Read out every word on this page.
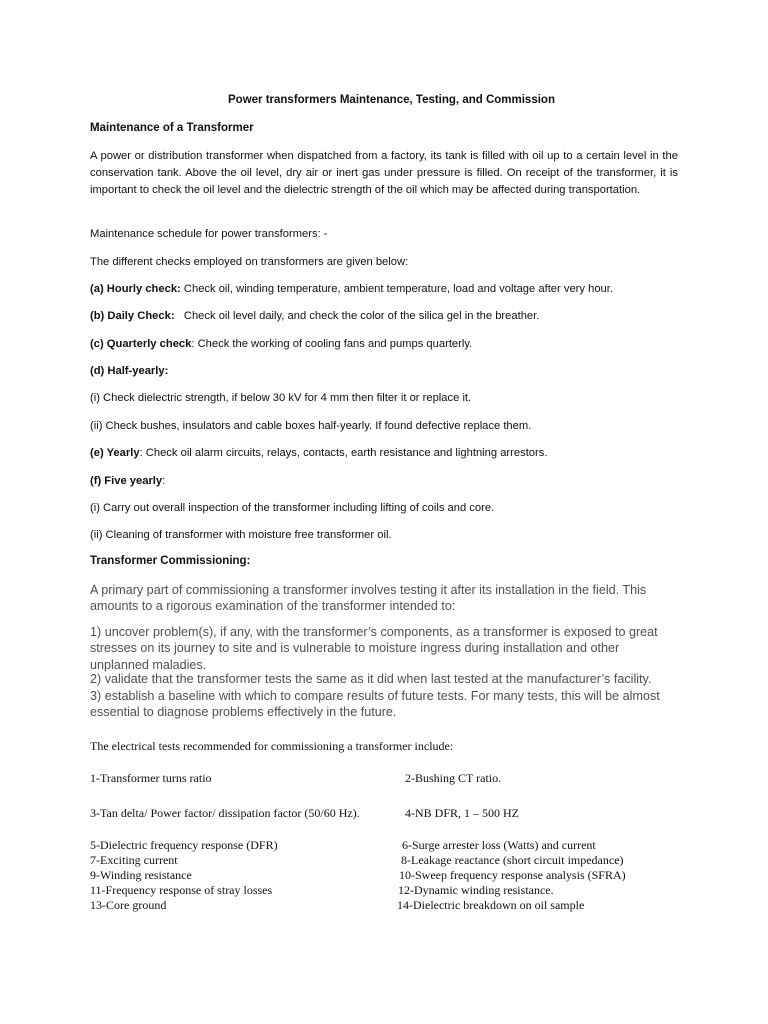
Power transformers Maintenance, Testing, and Commission

Maintenance of a Transformer

A power or distribution transformer when dispatched from a factory, its tank is filled with oil up to a certain level in the conservation tank. Above the oil level, dry air or inert gas under pressure is filled. On receipt of the transformer, it is important to check the oil level and the dielectric strength of the oil which may be affected during transportation.

Maintenance schedule for power transformers: -

The different checks employed on transformers are given below:

(a) Hourly check: Check oil, winding temperature, ambient temperature, load and voltage after very hour.

(b) Daily Check:   Check oil level daily, and check the color of the silica gel in the breather.

(c) Quarterly check: Check the working of cooling fans and pumps quarterly.

(d) Half-yearly:

(i) Check dielectric strength, if below 30 kV for 4 mm then filter it or replace it.

(ii) Check bushes, insulators and cable boxes half-yearly. If found defective replace them.

(e) Yearly: Check oil alarm circuits, relays, contacts, earth resistance and lightning arrestors.

(f) Five yearly:

(i) Carry out overall inspection of the transformer including lifting of coils and core.

(ii) Cleaning of transformer with moisture free transformer oil.

Transformer Commissioning:

A primary part of commissioning a transformer involves testing it after its installation in the field. This amounts to a rigorous examination of the transformer intended to:

1) uncover problem(s), if any, with the transformer’s components, as a transformer is exposed to great stresses on its journey to site and is vulnerable to moisture ingress during installation and other unplanned maladies.

2) validate that the transformer tests the same as it did when last tested at the manufacturer’s facility.

3) establish a baseline with which to compare results of future tests. For many tests, this will be almost essential to diagnose problems effectively in the future.

The electrical tests recommended for commissioning a transformer include:

1-Transformer turns ratio	2-Bushing CT ratio.

3-Tan delta/ Power factor/ dissipation factor (50/60 Hz).	4-NB DFR, 1 – 500 HZ

5-Dielectric frequency response (DFR)	6-Surge arrester loss (Watts) and current

7-Exciting current	8-Leakage reactance (short circuit impedance)

9-Winding resistance	10-Sweep frequency response analysis (SFRA)

11-Frequency response of stray losses	12-Dynamic winding resistance.

13-Core ground	14-Dielectric breakdown on oil sample
